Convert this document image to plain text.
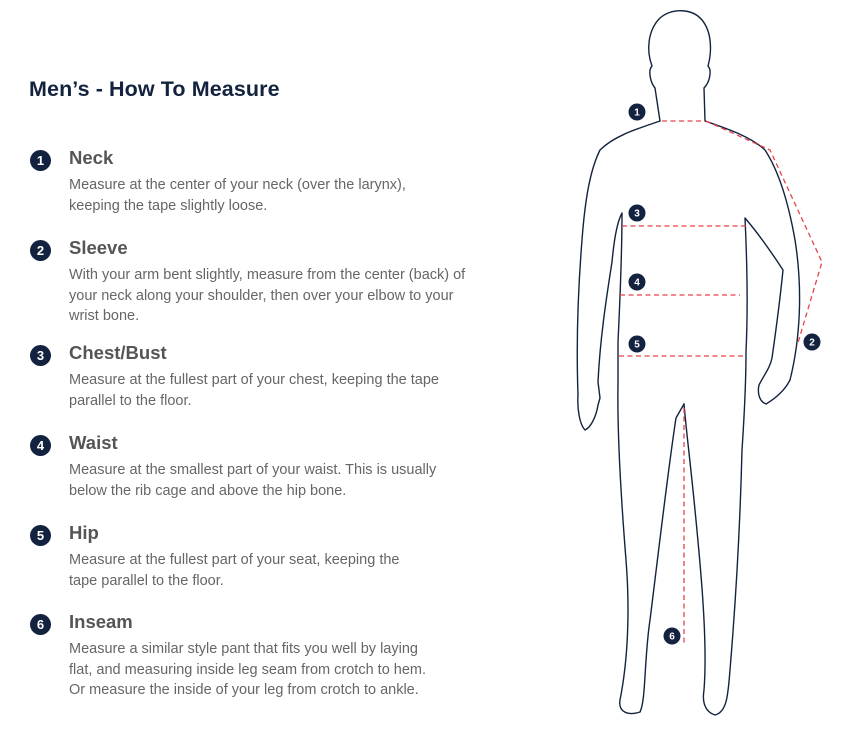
Men’s - How To Measure
1	Neck

Measure at the center of your neck (over the larynx),
keeping the tape slightly loose.

2	Sleeve

With your arm bent slightly, measure from the center (back) of
your neck along your shoulder, then over your elbow to your
wrist bone.

3	Chest/Bust

Measure at the fullest part of your chest, keeping the tape
parallel to the floor.

4	Waist

Measure at the smallest part of your waist. This is usually
below the rib cage and above the hip bone.

5	Hip

Measure at the fullest part of your seat, keeping the
tape parallel to the floor.

6	Inseam

Measure a similar style pant that fits you well by laying
flat, and measuring inside leg seam from crotch to hem.
Or measure the inside of your leg from crotch to ankle.

1
2
3
4
5
6
